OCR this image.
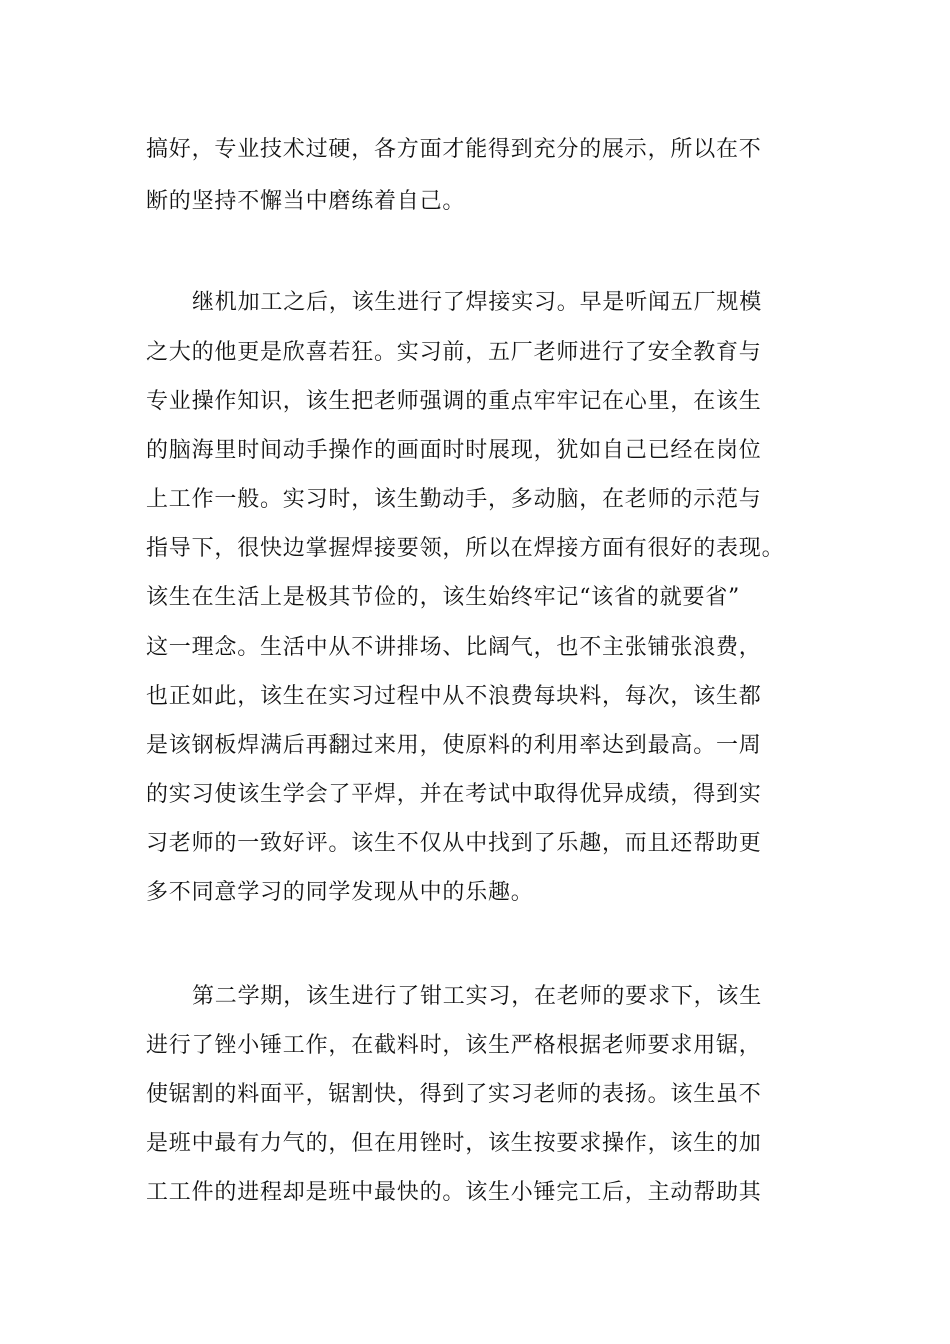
搞好，专业技术过硬，各方面才能得到充分的展示，所以在不
断的坚持不懈当中磨练着自己。
继机加工之后，该生进行了焊接实习。早是听闻五厂规模
之大的他更是欣喜若狂。实习前，五厂老师进行了安全教育与
专业操作知识，该生把老师强调的重点牢牢记在心里，在该生
的脑海里时间动手操作的画面时时展现，犹如自己已经在岗位
上工作一般。实习时，该生勤动手，多动脑，在老师的示范与
指导下，很快边掌握焊接要领，所以在焊接方面有很好的表现。
该生在生活上是极其节俭的，该生始终牢记“该省的就要省”
这一理念。生活中从不讲排场、比阔气，也不主张铺张浪费，
也正如此，该生在实习过程中从不浪费每块料，每次，该生都
是该钢板焊满后再翻过来用，使原料的利用率达到最高。一周
的实习使该生学会了平焊，并在考试中取得优异成绩，得到实
习老师的一致好评。该生不仅从中找到了乐趣，而且还帮助更
多不同意学习的同学发现从中的乐趣。
第二学期，该生进行了钳工实习，在老师的要求下，该生
进行了锉小锤工作，在截料时，该生严格根据老师要求用锯，
使锯割的料面平，锯割快，得到了实习老师的表扬。该生虽不
是班中最有力气的，但在用锉时，该生按要求操作，该生的加
工工件的进程却是班中最快的。该生小锤完工后，主动帮助其
